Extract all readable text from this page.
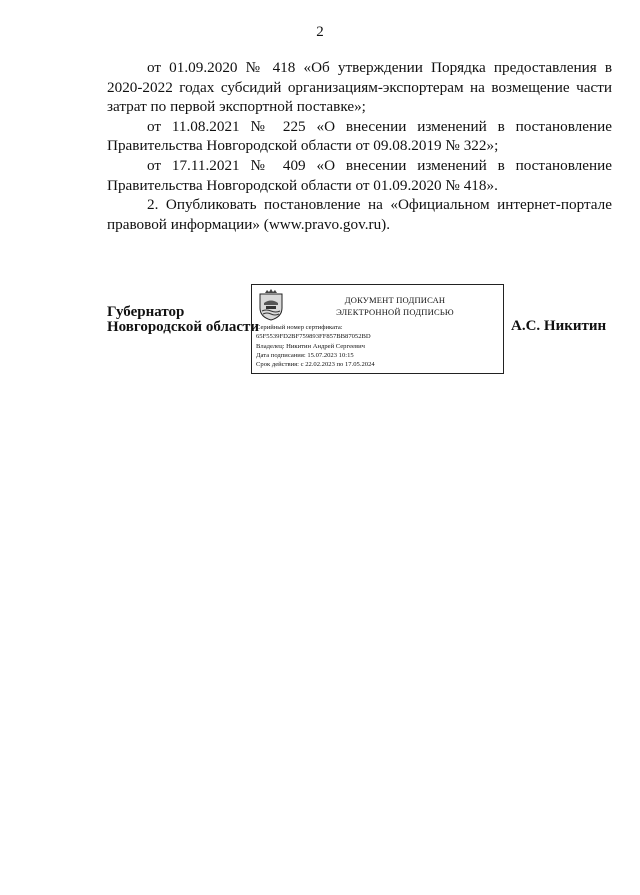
2

от 01.09.2020 № 418 «Об утверждении Порядка предоставления в 2020-2022 годах субсидий организациям-экспортерам на возмещение части затрат по первой экспортной поставке»;

от 11.08.2021 № 225 «О внесении изменений в постановление Правительства Новгородской области от 09.08.2019 № 322»;

от 17.11.2021 № 409 «О внесении изменений в постановление Правительства Новгородской области от 01.09.2020 № 418».

2. Опубликовать постановление на «Официальном интернет-портале правовой информации» (www.pravo.gov.ru).

Губернатор
Новгородской области
ДОКУМЕНТ ПОДПИСАН
ЭЛЕКТРОННОЙ ПОДПИСЬЮ
Серийный номер сертификата:
65F5539FD2BF759893FF857BB87052BD
Владелец: Никитин Андрей Сергеевич
Дата подписания: 15.07.2023 10:15
Срок действия: с 22.02.2023 по 17.05.2024
А.С. Никитин
